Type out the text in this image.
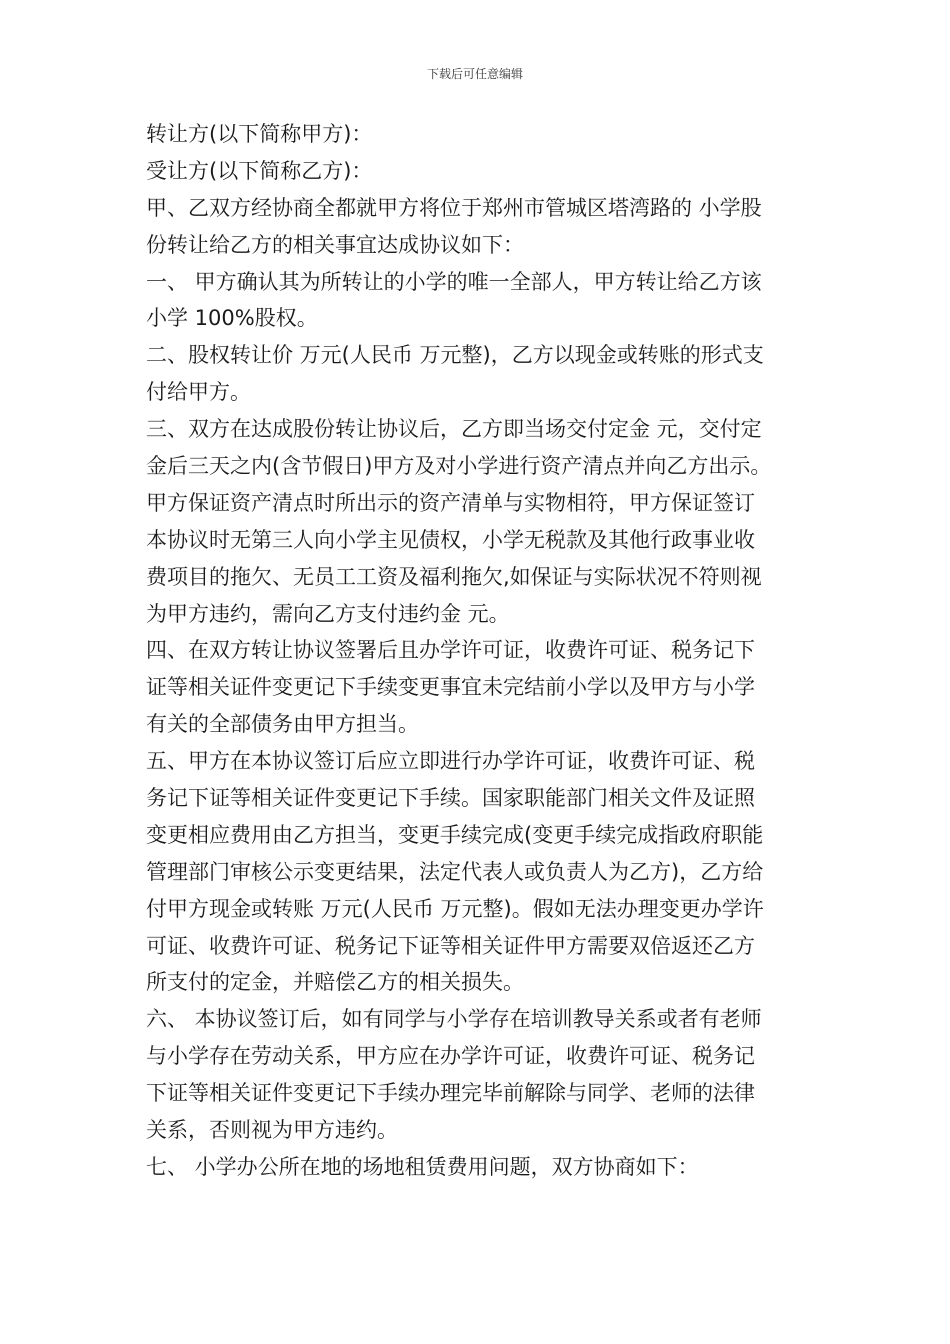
下载后可任意编辑
转让方(以下简称甲方)：
受让方(以下简称乙方)：
甲、乙双方经协商全都就甲方将位于郑州市管城区塔湾路的 小学股
份转让给乙方的相关事宜达成协议如下：
一、 甲方确认其为所转让的小学的唯一全部人，甲方转让给乙方该
小学 100%股权。
二、股权转让价 万元(人民币 万元整)，乙方以现金或转账的形式支
付给甲方。
三、双方在达成股份转让协议后，乙方即当场交付定金 元，交付定
金后三天之内(含节假日)甲方及对小学进行资产清点并向乙方出示。
甲方保证资产清点时所出示的资产清单与实物相符，甲方保证签订
本协议时无第三人向小学主见债权，小学无税款及其他行政事业收
费项目的拖欠、无员工工资及福利拖欠,如保证与实际状况不符则视
为甲方违约，需向乙方支付违约金 元。
四、在双方转让协议签署后且办学许可证，收费许可证、税务记下
证等相关证件变更记下手续变更事宜未完结前小学以及甲方与小学
有关的全部债务由甲方担当。
五、甲方在本协议签订后应立即进行办学许可证，收费许可证、税
务记下证等相关证件变更记下手续。国家职能部门相关文件及证照
变更相应费用由乙方担当，变更手续完成(变更手续完成指政府职能
管理部门审核公示变更结果，法定代表人或负责人为乙方)，乙方给
付甲方现金或转账 万元(人民币 万元整)。假如无法办理变更办学许
可证、收费许可证、税务记下证等相关证件甲方需要双倍返还乙方
所支付的定金，并赔偿乙方的相关损失。
六、 本协议签订后，如有同学与小学存在培训教导关系或者有老师
与小学存在劳动关系，甲方应在办学许可证，收费许可证、税务记
下证等相关证件变更记下手续办理完毕前解除与同学、老师的法律
关系，否则视为甲方违约。
七、 小学办公所在地的场地租赁费用问题，双方协商如下：
